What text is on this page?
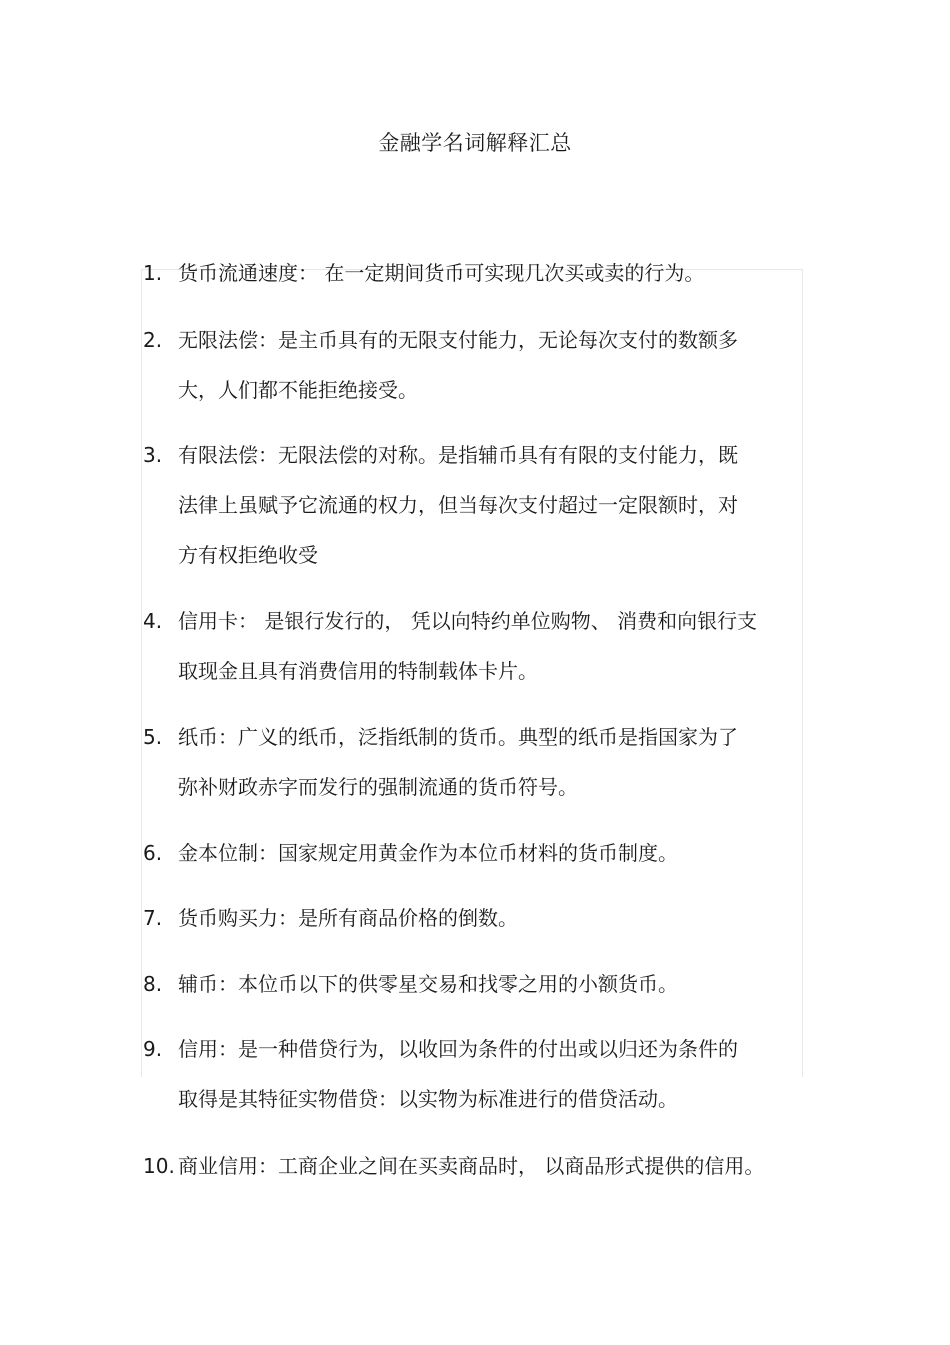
金融学名词解释汇总
1. 货币流通速度： 在一定期间货币可实现几次买或卖的行为。
2. 无限法偿：是主币具有的无限支付能力，无论每次支付的数额多
大，人们都不能拒绝接受。
3. 有限法偿：无限法偿的对称。是指辅币具有有限的支付能力，既
法律上虽赋予它流通的权力，但当每次支付超过一定限额时，对
方有权拒绝收受
4. 信用卡： 是银行发行的， 凭以向特约单位购物、 消费和向银行支
取现金且具有消费信用的特制载体卡片。
5. 纸币：广义的纸币，泛指纸制的货币。典型的纸币是指国家为了
弥补财政赤字而发行的强制流通的货币符号。
6. 金本位制：国家规定用黄金作为本位币材料的货币制度。
7. 货币购买力：是所有商品价格的倒数。
8. 辅币：本位币以下的供零星交易和找零之用的小额货币。
9. 信用：是一种借贷行为，以收回为条件的付出或以归还为条件的
取得是其特征实物借贷：以实物为标准进行的借贷活动。
10. 商业信用：工商企业之间在买卖商品时， 以商品形式提供的信用。
